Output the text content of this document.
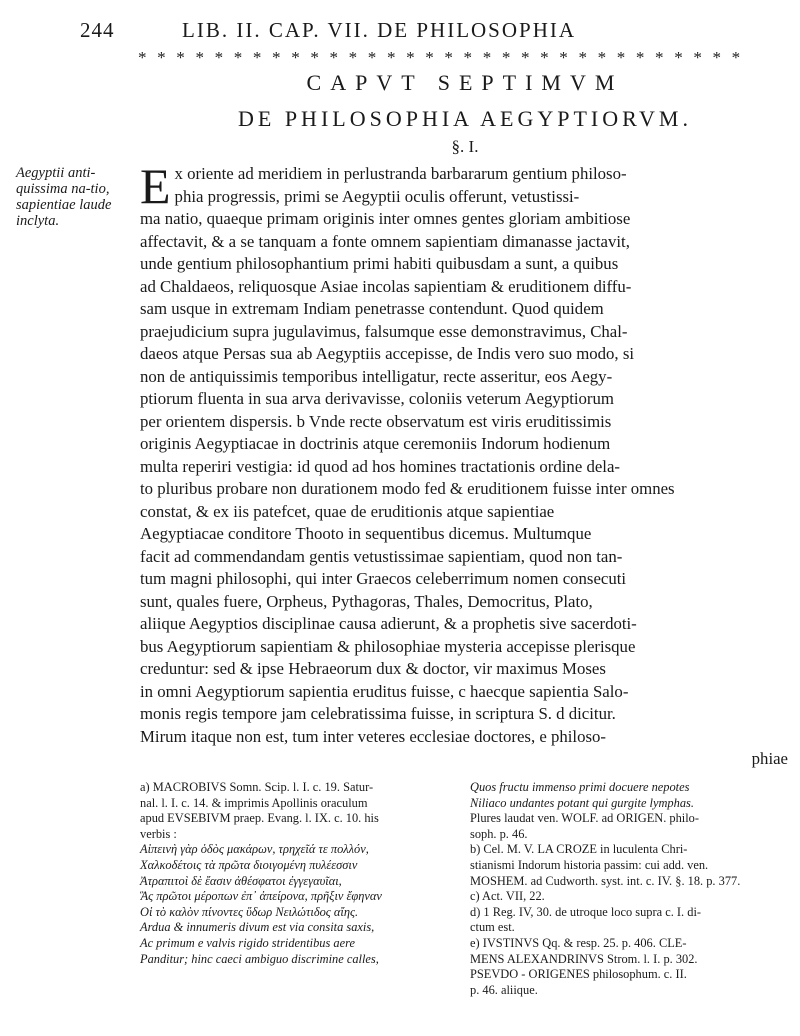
244	LIB. II. CAP. VII. DE PHILOSOPHIA
* * * * * * * * * * * * * * * * * * * * * * * * * * * * * * * *
CAPVT SEPTIMVM
DE PHILOSOPHIA AEGYPTIORVM.
§. I.
Aegyptii anti-quissima na-tio, sapientiae laude inclyta.
E x oriente ad meridiem in perlustranda barbararum gentium philoso-
phia progressis, primi se Aegyptii oculis offerunt, vetustissi-
ma natio, quaeque primam originis inter omnes gentes gloriam ambitiose
affectavit, & a se tanquam a fonte omnem sapientiam dimanasse jactavit,
unde gentium philosophantium primi habiti quibusdam a sunt, a quibus
ad Chaldaeos, reliquosque Asiae incolas sapientiam & eruditionem diffu-
sam usque in extremam Indiam penetrasse contendunt. Quod quidem
praejudicium supra jugulavimus, falsumque esse demonstravimus, Chal-
daeos atque Persas sua ab Aegyptiis accepisse, de Indis vero suo modo, si
non de antiquissimis temporibus intelligatur, recte asseritur, eos Aegy-
ptiorum fluenta in sua arva derivavisse, coloniis veterum Aegyptiorum
per orientem dispersis. b Vnde recte observatum est viris eruditissimis
originis Aegyptiacae in doctrinis atque ceremoniis Indorum hodienum
multa reperiri vestigia: id quod ad hos homines tractationis ordine dela-
to pluribus probare non durationem modo fed & eruditionem fuisse inter omnes
constat, & ex iis patefcet, quae de eruditionis atque sapientiae
Aegyptiacae conditore Thooto in sequentibus dicemus. Multumque
facit ad commendandam gentis vetustissimae sapientiam, quod non tan-
tum magni philosophi, qui inter Graecos celeberrimum nomen consecuti
sunt, quales fuere, Orpheus, Pythagoras, Thales, Democritus, Plato,
aliique Aegyptios disciplinae causa adierunt, & a prophetis sive sacerdoti-
bus Aegyptiorum sapientiam & philosophiae mysteria accepisse plerisque
creduntur: sed & ipse Hebraeorum dux & doctor, vir maximus Moses
in omni Aegyptiorum sapientia eruditus fuisse, c haecque sapientia Salo-
monis regis tempore jam celebratissima fuisse, in scriptura S. d dicitur.
Mirum itaque non est, tum inter veteres ecclesiae doctores, e philoso-
phiae
a) MACROBIVS Somn. Scip. l. I. c. 19. Satur-
nal. l. I. c. 14. & imprimis Apollinis oraculum
apud EVSEBIVM praep. Evang. l. IX. c. 10. his
verbis :
Αἰπεινὴ γὰρ ὁδὸς μακάρων, τρηχεῖά τε πολλόν,
Χαλκοδέτοις τὰ πρῶτα διοιγομένη πυλέεσσιν
Ἀτραπιτοὶ δὲ ἔασιν ἀθέσφατοι ἐγγεγαυῖαι,
Ἃς πρῶτοι μέροπων ἐπ᾽ ἀπείρονα, πρῆξιν ἔφηναν
Οἱ τὸ καλὸν πίνοντες ὕδωρ Νειλώτιδος αἴης.
Ardua & innumeris divum est via consita saxis,
Ac primum e valvis rigido stridentibus aere
Panditur; hinc caeci ambiguo discrimine calles,
Quos fructu immenso primi docuere nepotes
Niliaco undantes potant qui gurgite lymphas.
Plures laudat ven. WOLF. ad ORIGEN. philo-
soph. p. 46.
b) Cel. M. V. LA CROZE in luculenta Chri-
stianismi Indorum historia passim: cui add. ven.
MOSHEM. ad Cudworth. syst. int. c. IV. §. 18. p. 377.
c) Act. VII, 22.
d) 1 Reg. IV, 30. de utroque loco supra c. I. di-
ctum est.
e) IVSTINVS Qq. & resp. 25. p. 406. CLE-
MENS ALEXANDRINVS Strom. l. I. p. 302.
PSEVDO - ORIGENES philosophum. c. II.
p. 46. aliique.
